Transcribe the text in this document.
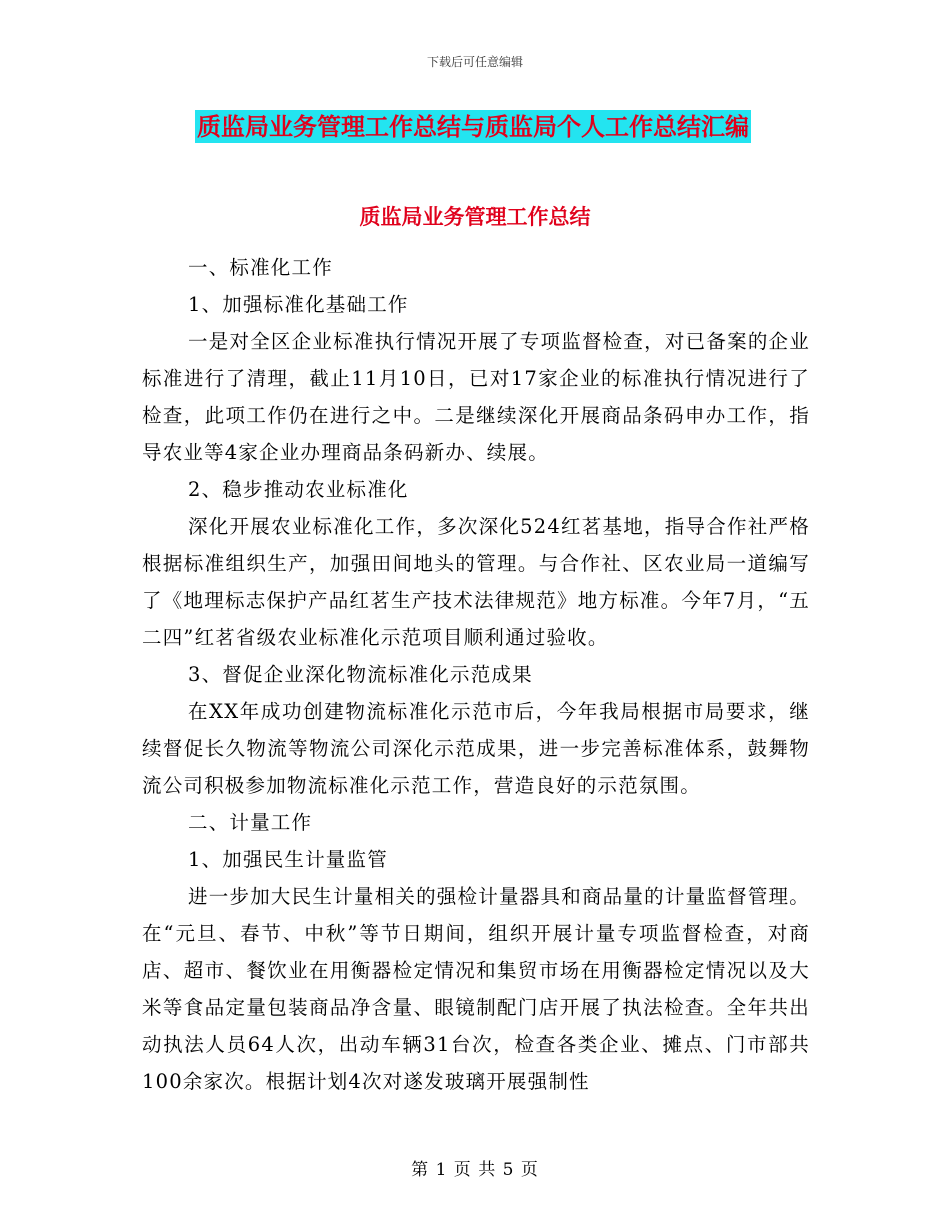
下载后可任意编辑
质监局业务管理工作总结与质监局个人工作总结汇编
质监局业务管理工作总结

一、标准化工作

1、加强标准化基础工作

一是对全区企业标准执行情况开展了专项监督检查，对已备案的企业标准进行了清理，截止11月10日，已对17家企业的标准执行情况进行了检查，此项工作仍在进行之中。二是继续深化开展商品条码申办工作，指导农业等4家企业办理商品条码新办、续展。

2、稳步推动农业标准化

深化开展农业标准化工作，多次深化524红茗基地，指导合作社严格根据标准组织生产，加强田间地头的管理。与合作社、区农业局一道编写了《地理标志保护产品红茗生产技术法律规范》地方标准。今年7月，“五二四”红茗省级农业标准化示范项目顺利通过验收。

3、督促企业深化物流标准化示范成果

在XX年成功创建物流标准化示范市后，今年我局根据市局要求，继续督促长久物流等物流公司深化示范成果，进一步完善标准体系，鼓舞物流公司积极参加物流标准化示范工作，营造良好的示范氛围。

二、计量工作

1、加强民生计量监管

进一步加大民生计量相关的强检计量器具和商品量的计量监督管理。在“元旦、春节、中秋”等节日期间，组织开展计量专项监督检查，对商店、超市、餐饮业在用衡器检定情况和集贸市场在用衡器检定情况以及大米等食品定量包装商品净含量、眼镜制配门店开展了执法检查。全年共出动执法人员64人次，出动车辆31台次，检查各类企业、摊点、门市部共100余家次。根据计划4次对遂发玻璃开展强制性

第 1 页 共 5 页
